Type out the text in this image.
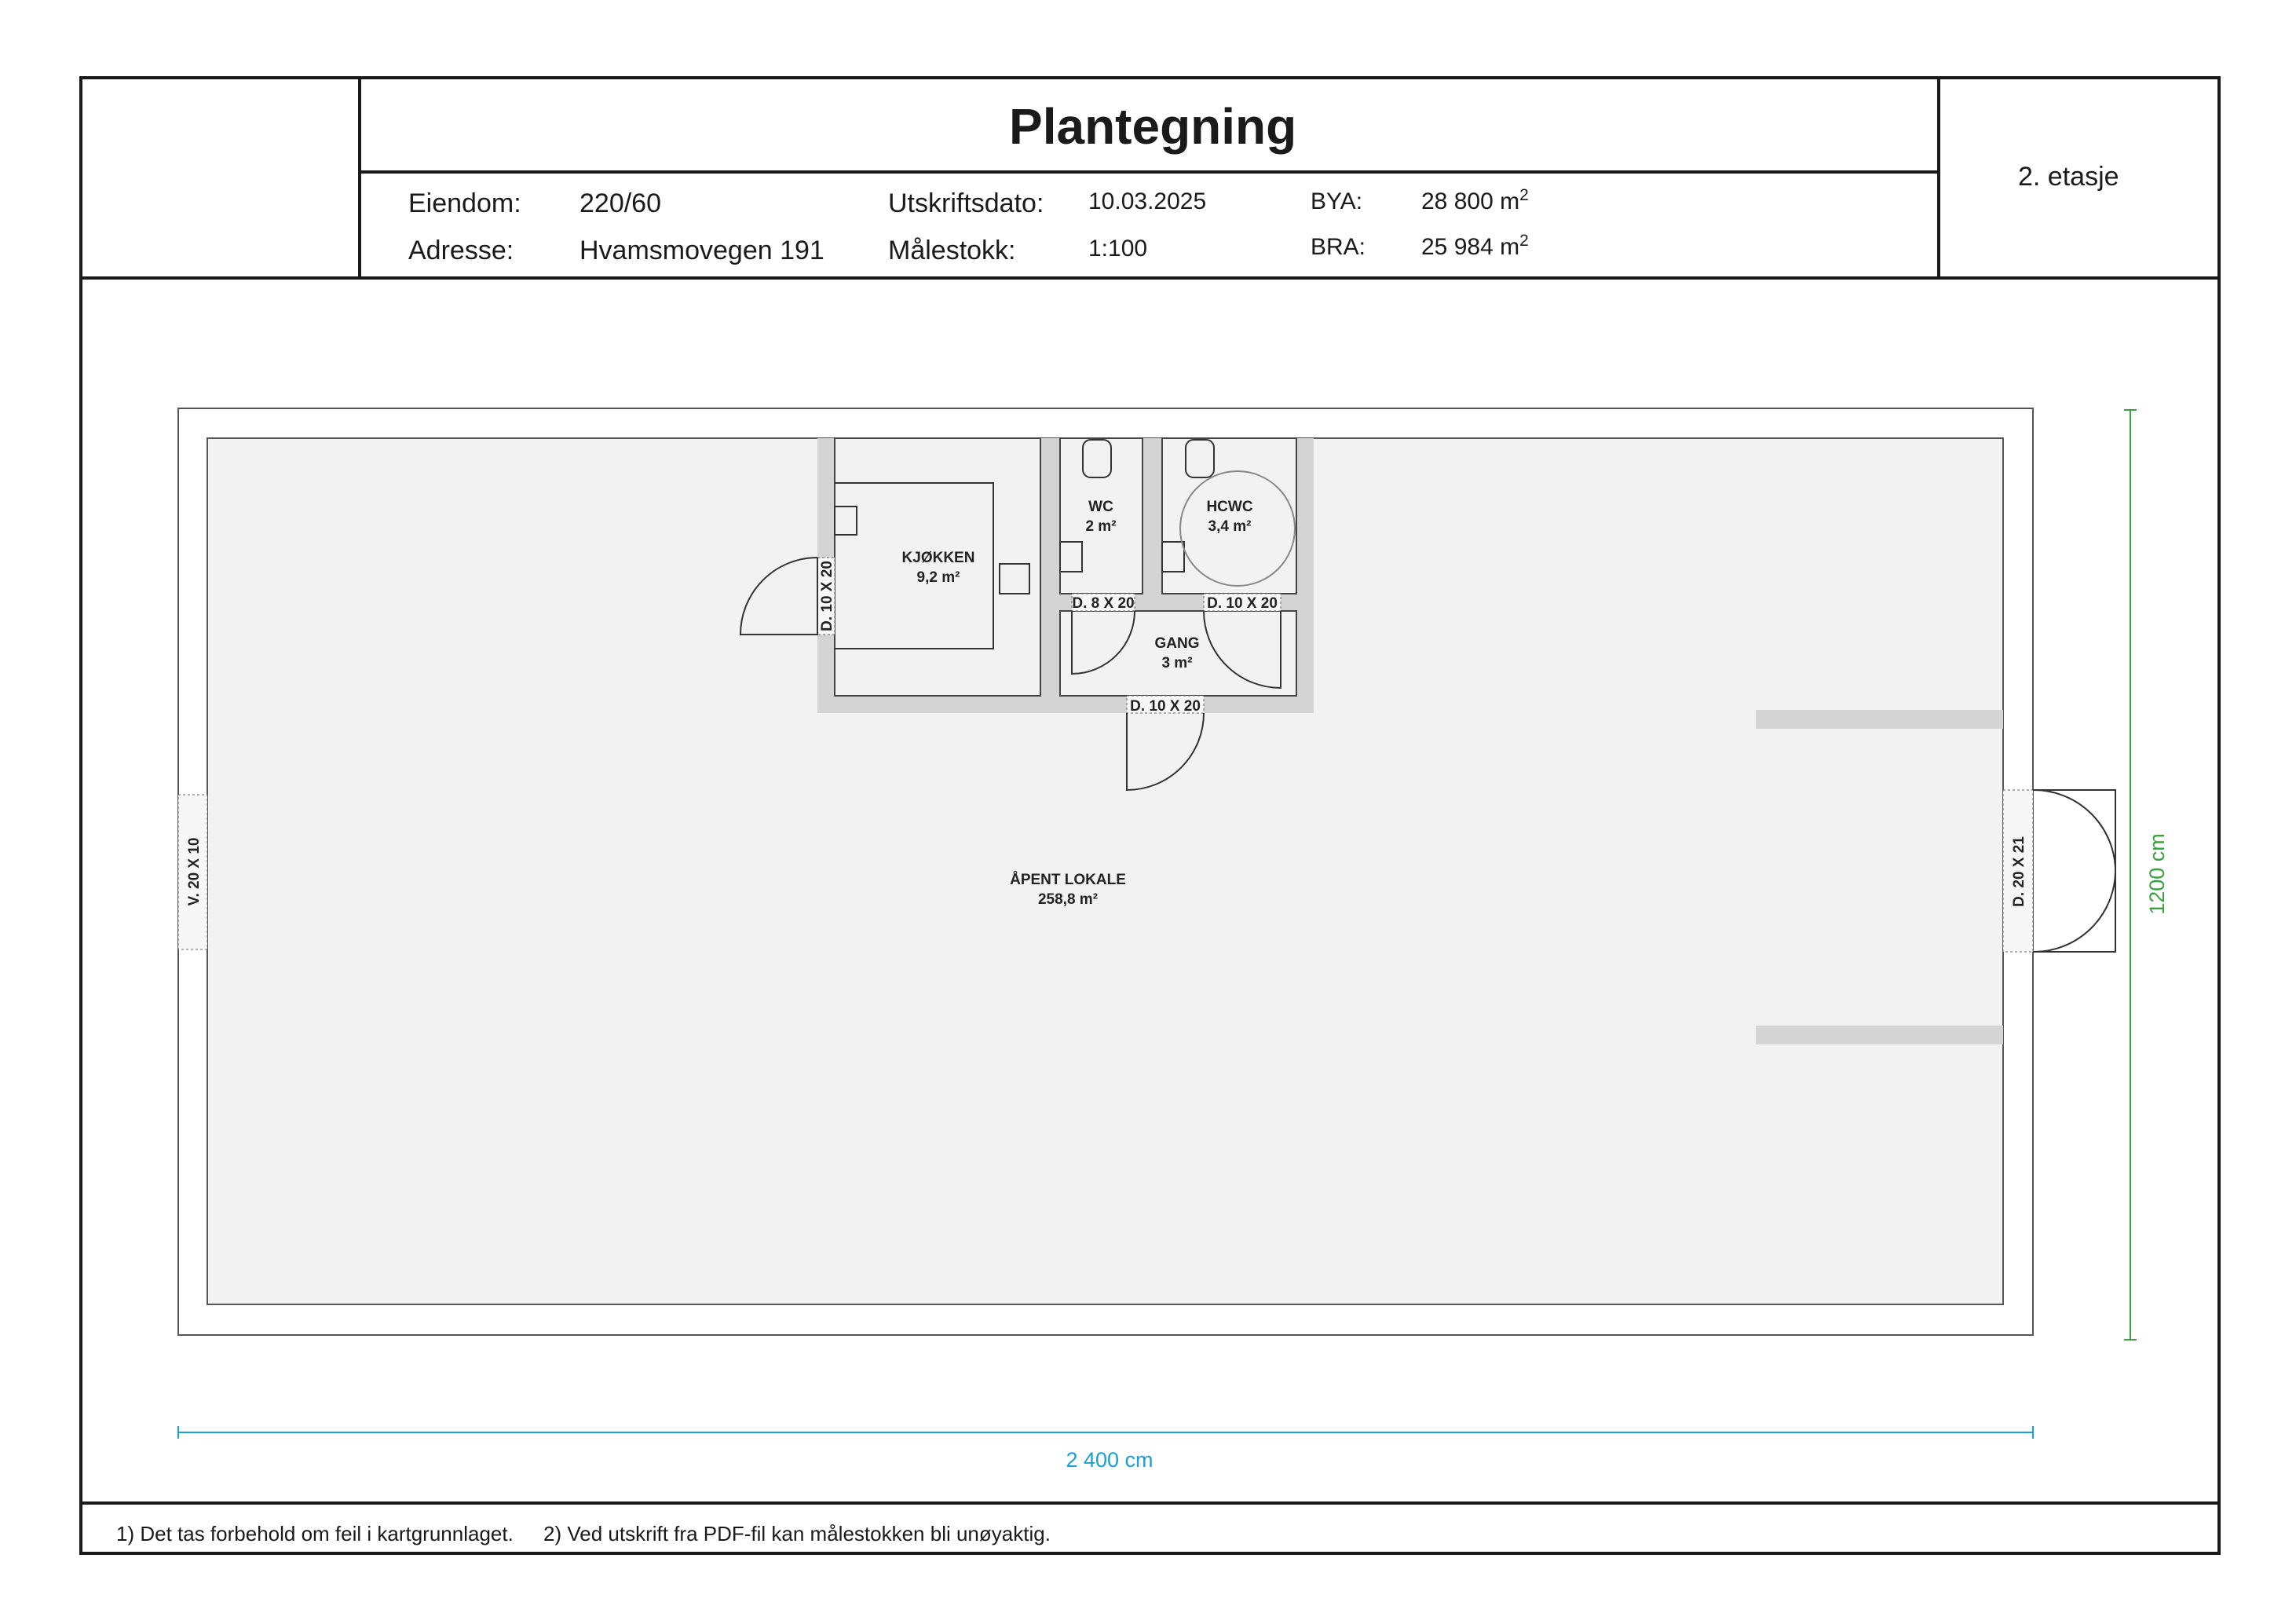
Plantegning
2. etasje
Eiendom: 220/60
Adresse: Hvamsmovegen 191
Utskriftsdato: 10.03.2025
Målestokk:	1:100
BYA: 28 800 $m^2$
BRA: 25 984 $m^2$
KJØKKEN
9,2 m²
WC
2 m²
HCWC
3,4 m²
GANG
3 m²
ÅPENT LOKALE
258,8 m²
D. 10 X 20	D. 8 X 20	D. 10 X 20
D. 10 X 20
V. 20 X 10	D. 20 X 21
2 400 cm
1200 cm
1) Det tas forbehold om feil i kartgrunnlaget. 2) Ved utskrift fra PDF-fil kan målestokken bli unøyaktig.
